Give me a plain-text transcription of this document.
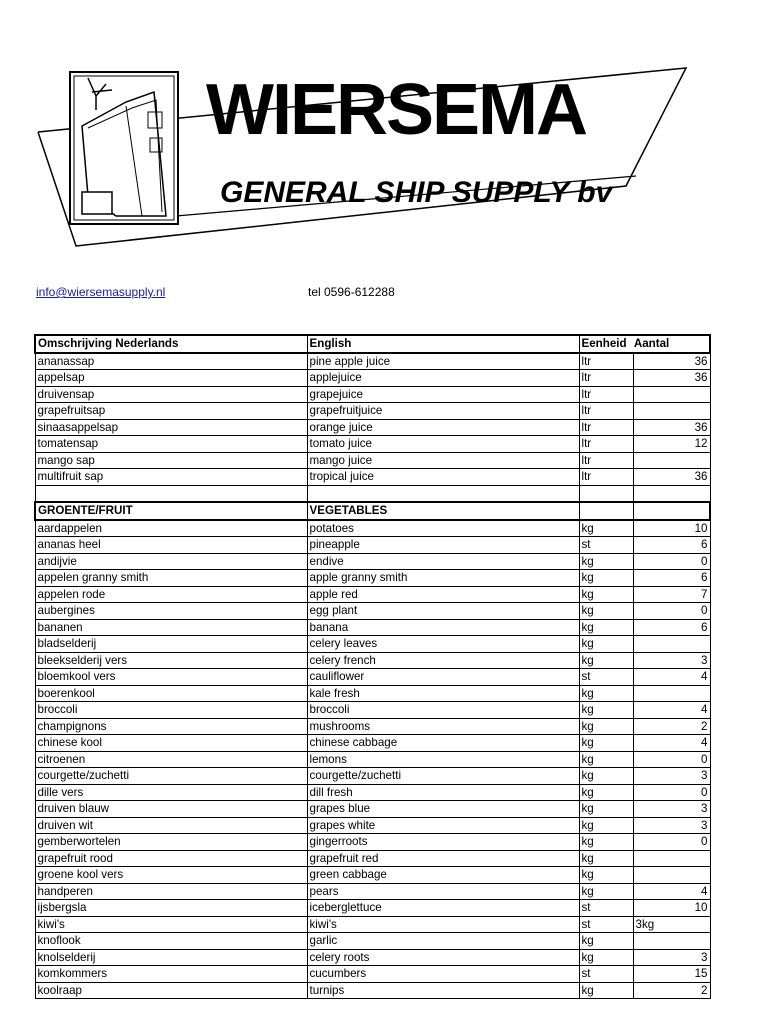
WIERSEMA
GENERAL SHIP SUPPLY bv
info@wiersemasupply.nl	tel 0596-612288
Omschrijving Nederlands	English	Eenheid Aantal	
ananassap	pine apple juice	ltr	36
appelsap	applejuice	ltr	36
druivensap	grapejuice	ltr	
grapefruitsap	grapefruitjuice	ltr	
sinaasappelsap	orange juice	ltr	36
tomatensap	tomato juice	ltr	12
mango sap	mango juice	ltr	
multifruit sap	tropical juice	ltr	36

GROENTE/FRUIT	VEGETABLES		
aardappelen	potatoes	kg	10
ananas heel	pineapple	st	6
andijvie	endive	kg	0
appelen granny smith	apple granny smith	kg	6
appelen rode	apple red	kg	7
aubergines	egg plant	kg	0
bananen	banana	kg	6
bladselderij	celery leaves	kg	
bleekselderij vers	celery french	kg	3
bloemkool vers	cauliflower	st	4
boerenkool	kale fresh	kg	
broccoli	broccoli	kg	4
champignons	mushrooms	kg	2
chinese kool	chinese cabbage	kg	4
citroenen	lemons	kg	0
courgette/zuchetti	courgette/zuchetti	kg	3
dille vers	dill fresh	kg	0
druiven blauw	grapes blue	kg	3
druiven wit	grapes white	kg	3
gemberwortelen	gingerroots	kg	0
grapefruit rood	grapefruit red	kg	
groene kool vers	green cabbage	kg	
handperen	pears	kg	4
ijsbergsla	iceberglettuce	st	10
kiwi's	kiwi's	st	3kg
knoflook	garlic	kg	
knolselderij	celery roots	kg	3
komkommers	cucumbers	st	15
koolraap	turnips	kg	2
